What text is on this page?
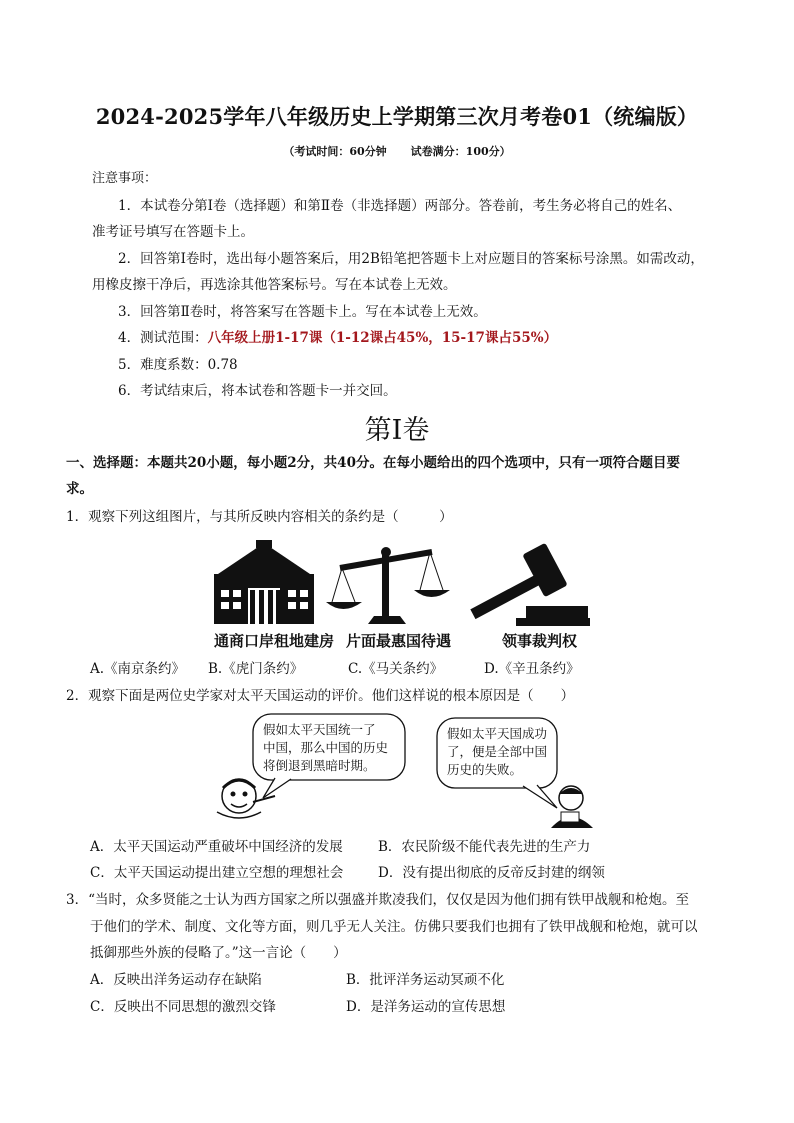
2024-2025学年八年级历史上学期第三次月考卷01（统编版）
（考试时间：60分钟 试卷满分：100分）
注意事项：
1．本试卷分第Ⅰ卷（选择题）和第Ⅱ卷（非选择题）两部分。答卷前，考生务必将自己的姓名、
准考证号填写在答题卡上。
2．回答第Ⅰ卷时，选出每小题答案后，用2B铅笔把答题卡上对应题目的答案标号涂黑。如需改动，
用橡皮擦干净后，再选涂其他答案标号。写在本试卷上无效。
3．回答第Ⅱ卷时，将答案写在答题卡上。写在本试卷上无效。
4．测试范围：八年级上册1-17课（1-12课占45%，15-17课占55%）
5．难度系数：0.78
6．考试结束后，将本试卷和答题卡一并交回。
第Ⅰ卷
一、选择题：本题共20小题，每小题2分，共40分。在每小题给出的四个选项中，只有一项符合题目要
求。
1．观察下列这组图片，与其所反映内容相关的条约是（　　　）
通商口岸租地建房 片面最惠国待遇	领事裁判权
A.《南京条约》 B.《虎门条约》	C.《马关条约》	D.《辛丑条约》
2．观察下面是两位史学家对太平天国运动的评价。他们这样说的根本原因是（　　）
假如太平天国统一了
中国，那么中国的历史
将倒退到黑暗时期。
假如太平天国成功
了，便是全部中国
历史的失败。
A．太平天国运动严重破坏中国经济的发展	B．农民阶级不能代表先进的生产力
C．太平天国运动提出建立空想的理想社会	D．没有提出彻底的反帝反封建的纲领
3．“当时，众多贤能之士认为西方国家之所以强盛并欺凌我们，仅仅是因为他们拥有铁甲战舰和枪炮。至
于他们的学术、制度、文化等方面，则几乎无人关注。仿佛只要我们也拥有了铁甲战舰和枪炮，就可以
抵御那些外族的侵略了。”这一言论（　　）
A．反映出洋务运动存在缺陷	B．批评洋务运动冥顽不化
C．反映出不同思想的激烈交锋	D．是洋务运动的宣传思想
